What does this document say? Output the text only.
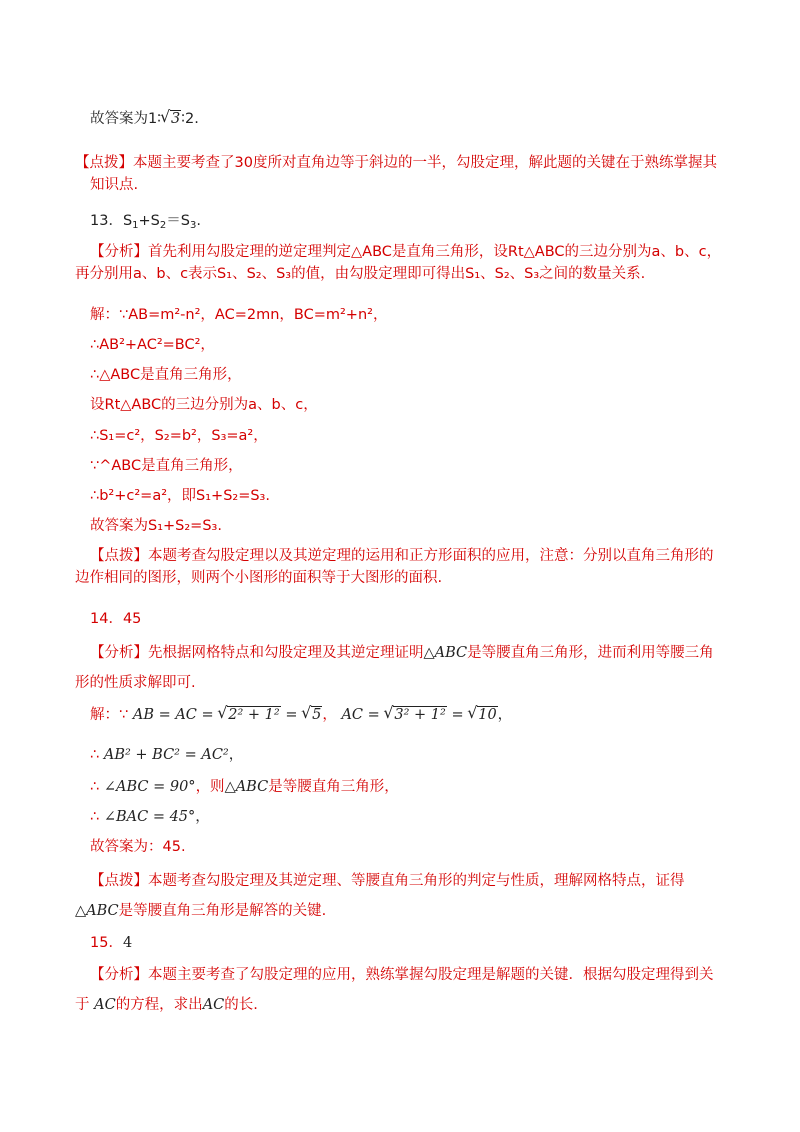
故答案为1∶√ 3∶2.

【点拨】本题主要考查了30度所对直角边等于斜边的一半，勾股定理，解此题的关键在于熟练掌握其知识点.

13．$S_1+S_2=S_3$.

【分析】首先利用勾股定理的逆定理判定△ABC是直角三角形，设Rt△ABC的三边分别为a、b、c，再分别用a、b、c表示S₁、S₂、S₃的值，由勾股定理即可得出S₁、S₂、S₃之间的数量关系.

解：∵AB=m²-n²，AC=2mn，BC=m²+n²，

∴AB²+AC²=BC²，

∴△ABC是直角三角形，

设Rt△ABC的三边分别为a、b、c，

∴S₁=c²，S₂=b²，S₃=a²，

∵^ABC是直角三角形，

∴b²+c²=a²，即S₁+S₂=S₃.

故答案为S₁+S₂=S₃.

【点拨】本题考查勾股定理以及其逆定理的运用和正方形面积的应用，注意：分别以直角三角形的边作相同的图形，则两个小图形的面积等于大图形的面积.

14．45

【分析】先根据网格特点和勾股定理及其逆定理证明△ABC是等腰直角三角形，进而利用等腰三角形的性质求解即可.

解：∵ AB = AC = √ 2² + 1² = √ 5， AC = √ 3² + 1² = √ 10，

∴ AB² + BC² = AC²，

∴ ∠ABC = 90°，则△ABC是等腰直角三角形，

∴ ∠BAC = 45°，

故答案为：45.

【点拨】本题考查勾股定理及其逆定理、等腰直角三角形的判定与性质，理解网格特点，证得△ABC是等腰直角三角形是解答的关键.

15．4

【分析】本题主要考查了勾股定理的应用，熟练掌握勾股定理是解题的关键．根据勾股定理得到关于 AC的方程，求出AC的长.
